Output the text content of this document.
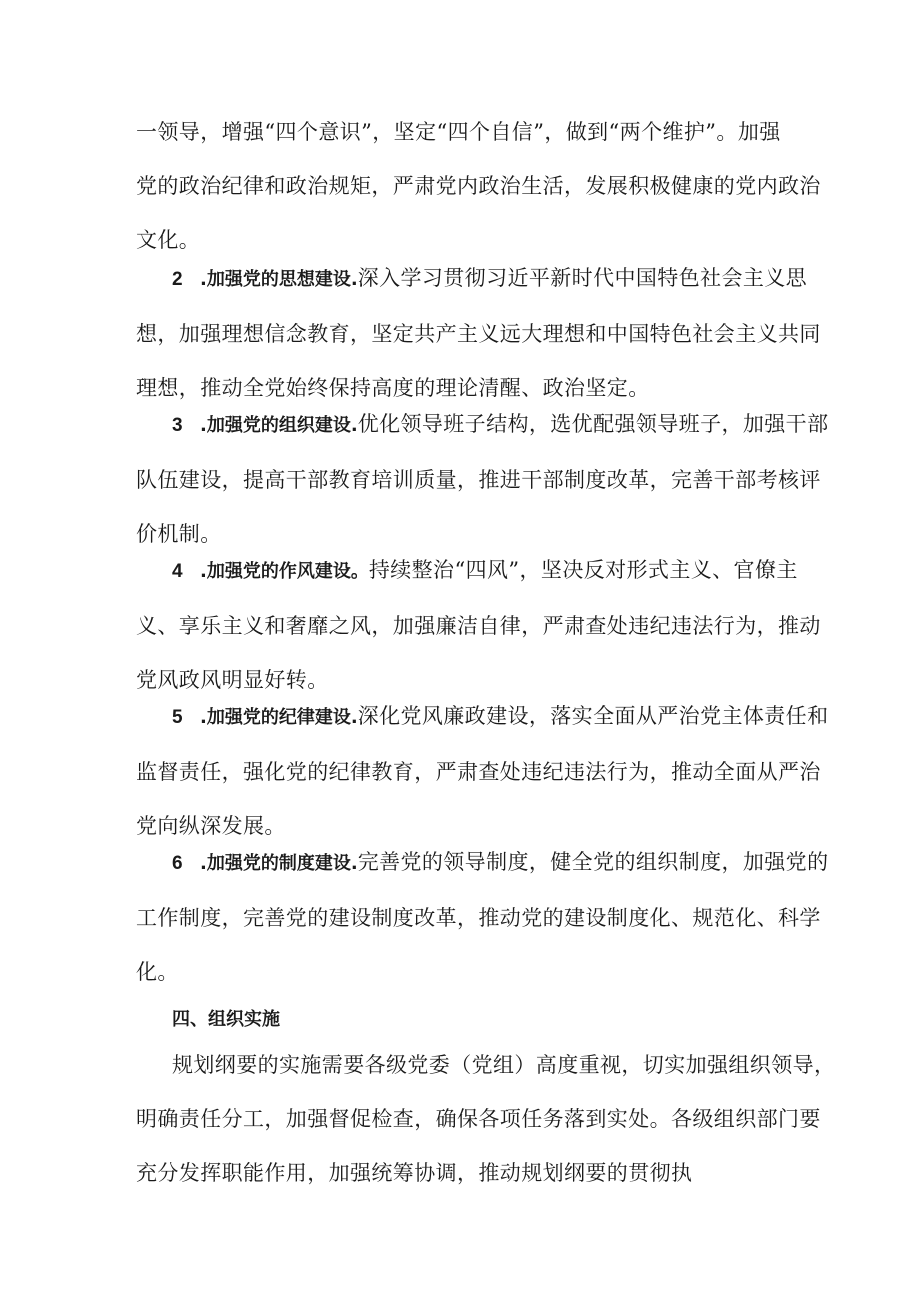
一领导，增强“四个意识”，坚定“四个自信”，做到“两个维护”。加强
党的政治纪律和政治规矩，严肃党内政治生活，发展积极健康的党内政治
文化。
2 .加强党的思想建设.深入学习贯彻习近平新时代中国特色社会主义思
想，加强理想信念教育，坚定共产主义远大理想和中国特色社会主义共同
理想，推动全党始终保持高度的理论清醒、政治坚定。
3 .加强党的组织建设.优化领导班子结构，选优配强领导班子，加强干部
队伍建设，提高干部教育培训质量，推进干部制度改革，完善干部考核评
价机制。
4 .加强党的作风建设。持续整治“四风”，坚决反对形式主义、官僚主
义、享乐主义和奢靡之风，加强廉洁自律，严肃查处违纪违法行为，推动
党风政风明显好转。
5 .加强党的纪律建设.深化党风廉政建设，落实全面从严治党主体责任和
监督责任，强化党的纪律教育，严肃查处违纪违法行为，推动全面从严治
党向纵深发展。
6 .加强党的制度建设.完善党的领导制度，健全党的组织制度，加强党的
工作制度，完善党的建设制度改革，推动党的建设制度化、规范化、科学
化。
四、组织实施
规划纲要的实施需要各级党委（党组）高度重视，切实加强组织领导，
明确责任分工，加强督促检查，确保各项任务落到实处。各级组织部门要
充分发挥职能作用，加强统筹协调，推动规划纲要的贯彻执
